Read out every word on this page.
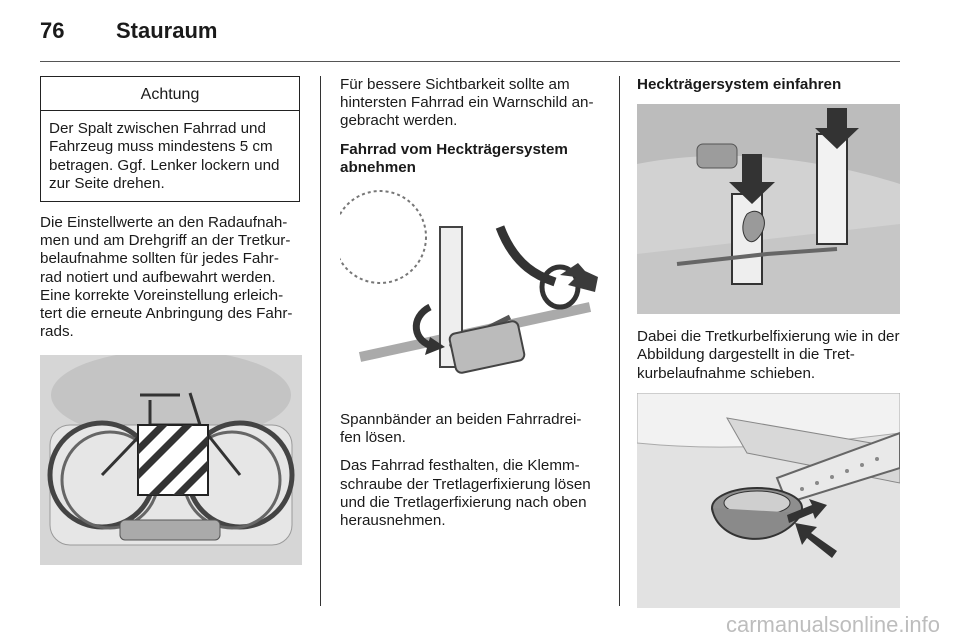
76 Stauraum
Achtung
Der Spalt zwischen Fahrrad und Fahrzeug muss mindestens 5 cm betragen. Ggf. Lenker lockern und zur Seite drehen.

Die Einstellwerte an den Radaufnah- men und am Drehgriff an der Tretkur- belaufnahme sollten für jedes Fahr- rad notiert und aufbewahrt werden. Eine korrekte Voreinstellung erleich- tert die erneute Anbringung des Fahr- rads.

Für bessere Sichtbarkeit sollte am hintersten Fahrrad ein Warnschild an- gebracht werden.

Fahrrad vom Heckträgersystem abnehmen

Spannbänder an beiden Fahrradrei- fen lösen.

Das Fahrrad festhalten, die Klemm- schraube der Tretlagerfixierung lösen und die Tretlagerfixierung nach oben herausnehmen.

Heckträgersystem einfahren

Dabei die Tretkurbelfixierung wie in der Abbildung dargestellt in die Tret- kurbelaufnahme schieben.

carmanualsonline.info
